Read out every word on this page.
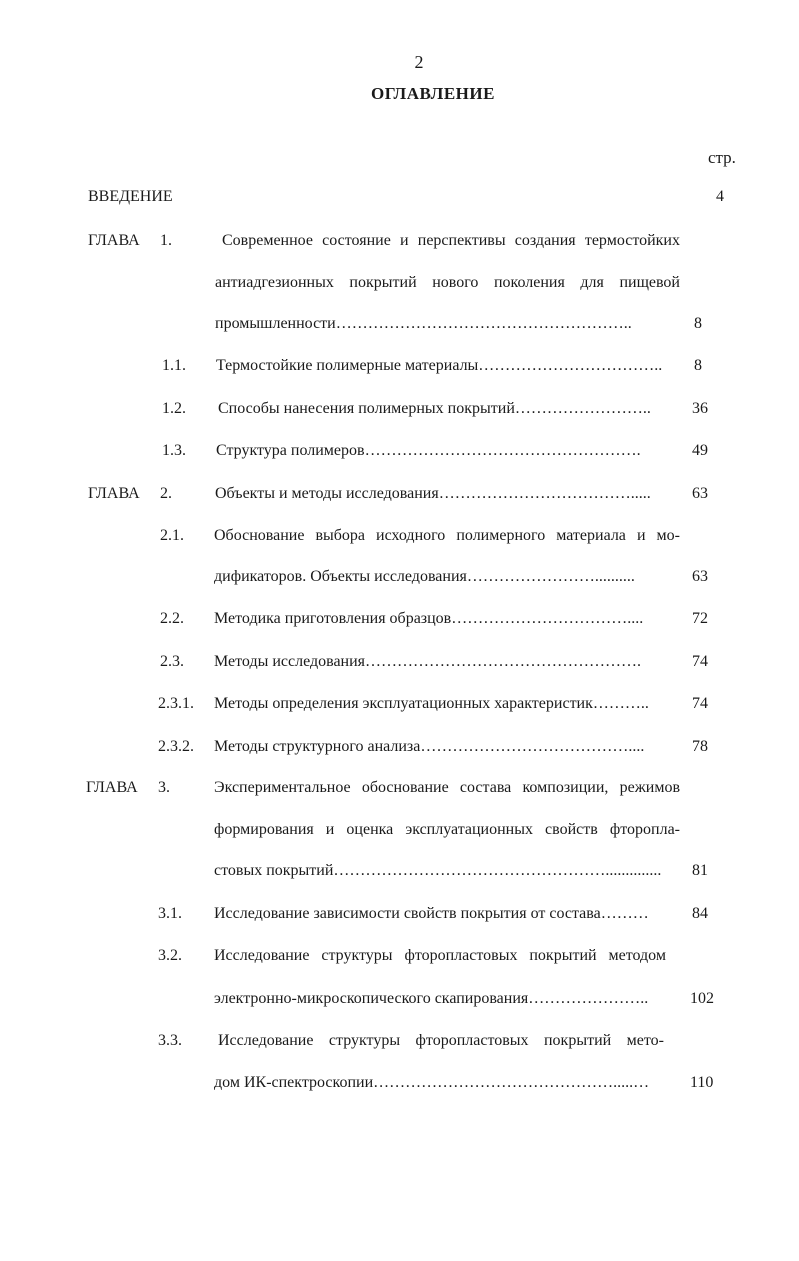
2
ОГЛАВЛЕНИЕ
стр.
ВВЕДЕНИЕ	4
ГЛАВА 1.	Современное состояние и перспективы создания термостойких
антиадгезионных покрытий нового поколения для пищевой
промышленности………………………………………………..	8
1.1. Термостойкие полимерные материалы……………………………..	8
1.2. Способы нанесения полимерных покрытий……………………..	36
1.3. Структура полимеров…………………………………………….	49
ГЛАВА 2.	Объекты и методы исследования……………………………….....	63
2.1. Обоснование выбора исходного полимерного материала и мо-
дификаторов. Объекты исследования……………………..........	63
2.2. Методика приготовления образцов……………………………....	72
2.3. Методы исследования…………………………………………….	74
2.3.1. Методы определения эксплуатационных характеристик………..	74
2.3.2. Методы структурного анализа…………………………………....	78
ГЛАВА 3.	Экспериментальное обоснование состава композиции, режимов
формирования и оценка эксплуатационных свойств фторопла-
стовых покрытий……………………………………………..............	81
3.1. Исследование зависимости свойств покрытия от состава………	84
3.2. Исследование структуры фторопластовых покрытий методом
электронно-микроскопического скапирования…………………..	102
3.3. Исследование структуры фторопластовых покрытий мето-
дом ИК-спектроскопии……………………………………….....…	110
